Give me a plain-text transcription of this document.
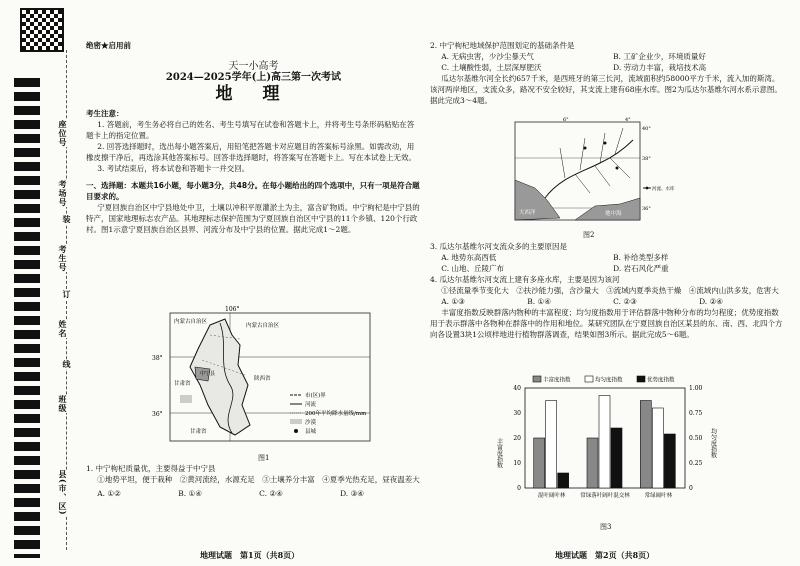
座位号
考场号
考生号
姓名
班级
县(市、区)
装
订
线
绝密★启用前
天一小高考
2024—2025学年(上)高三第一次考试
地 理

考生注意：

1. 答题前，考生务必将自己的姓名、考生号填写在试卷和答题卡上，并将考生号条形码粘贴在答题卡上的指定位置。

2. 回答选择题时，选出每小题答案后，用铅笔把答题卡对应题目的答案标号涂黑。如需改动，用橡皮擦干净后，再选涂其他答案标号。回答非选择题时，将答案写在答题卡上。写在本试卷上无效。

3. 考试结束后，将本试卷和答题卡一并交回。

一、选择题：本题共16小题，每小题3分，共48分。在每小题给出的四个选项中，只有一项是符合题目要求的。

宁夏回族自治区中宁县地处中卫，土壤以冲积平原灌淤土为主，富含矿物质。中宁枸杞是中宁县的特产，国家地理标志农产品。其地理标志保护范围为宁夏回族自治区中宁县的11个乡镇、120个行政村。图1示意宁夏回族自治区县界、河流分布及中宁县的位置。据此完成1～2题。

106°
38°
36°
内蒙古自治区
内蒙古自治区
甘肃省
陕西省
甘肃省
中宁县
市(区)界
河流
200年平均降水量线/mm
沙漠
县城
图1

1. 中宁枸杞质量优，主要得益于中宁县

①地势平坦，便于栽种　 ②黄河流经，水源充足　 ③土壤养分丰富　 ④夏季光热充足，昼夜温差大

A. ①②	B. ①④	C. ②④	D. ③④
地理试题　第1页（共8页）

2. 中宁枸杞地域保护范围划定的基础条件是

A. 无病虫害，少沙尘暴天气	B. 工矿企业少，环境质量好
C. 土壤酸性弱，土层深厚肥沃	D. 劳动力丰富，栽培技术高

瓜达尔基维尔河全长约657千米，是西班牙的第三长河，流域面积约58000平方千米，流入加的斯湾。该河两岸地区，支流众多，路况不安全较好，其支流上建有68座水库。图2为瓜达尔基维尔河水系示意图。据此完成3～4题。

6°	4°
40°
38°
36°
地中海
大西洋
河流、水库
图2

3. 瓜达尔基维尔河支流众多的主要原因是

A. 地势东高西低	B. 补给类型多样
C. 山地、丘陵广布	D. 岩石风化严重

4. 瓜达尔基维尔河支流上建有多座水库，主要是因为该河

①径流量季节变化大　 ②扶沙能力强，含沙量大　 ③流域内夏季炎热干燥　 ④流域内山洪多发，危害大

A. ①③	B. ①④	C. ②③	D. ②④

丰富度指数反映群落内物种的丰富程度；均匀度指数用于评估群落中物种分布的均匀程度；优势度指数用于表示群落中各物种在群落中的作用和地位。某研究团队在宁夏回族自治区某县的东、南、西、北四个方向各设置3块1公顷样地进行植物群落调查，结果如图3所示。据此完成5～6题。

0
10
20
30
40
0
0.25
0.50
0.75
1.00
丰富度指数	均匀度指数
丰富度指数	均匀度指数	优势度指数
混叶阔叶林	常绿落叶阔叶混交林	常绿阔叶林
图3
地理试题　第2页（共8页）
